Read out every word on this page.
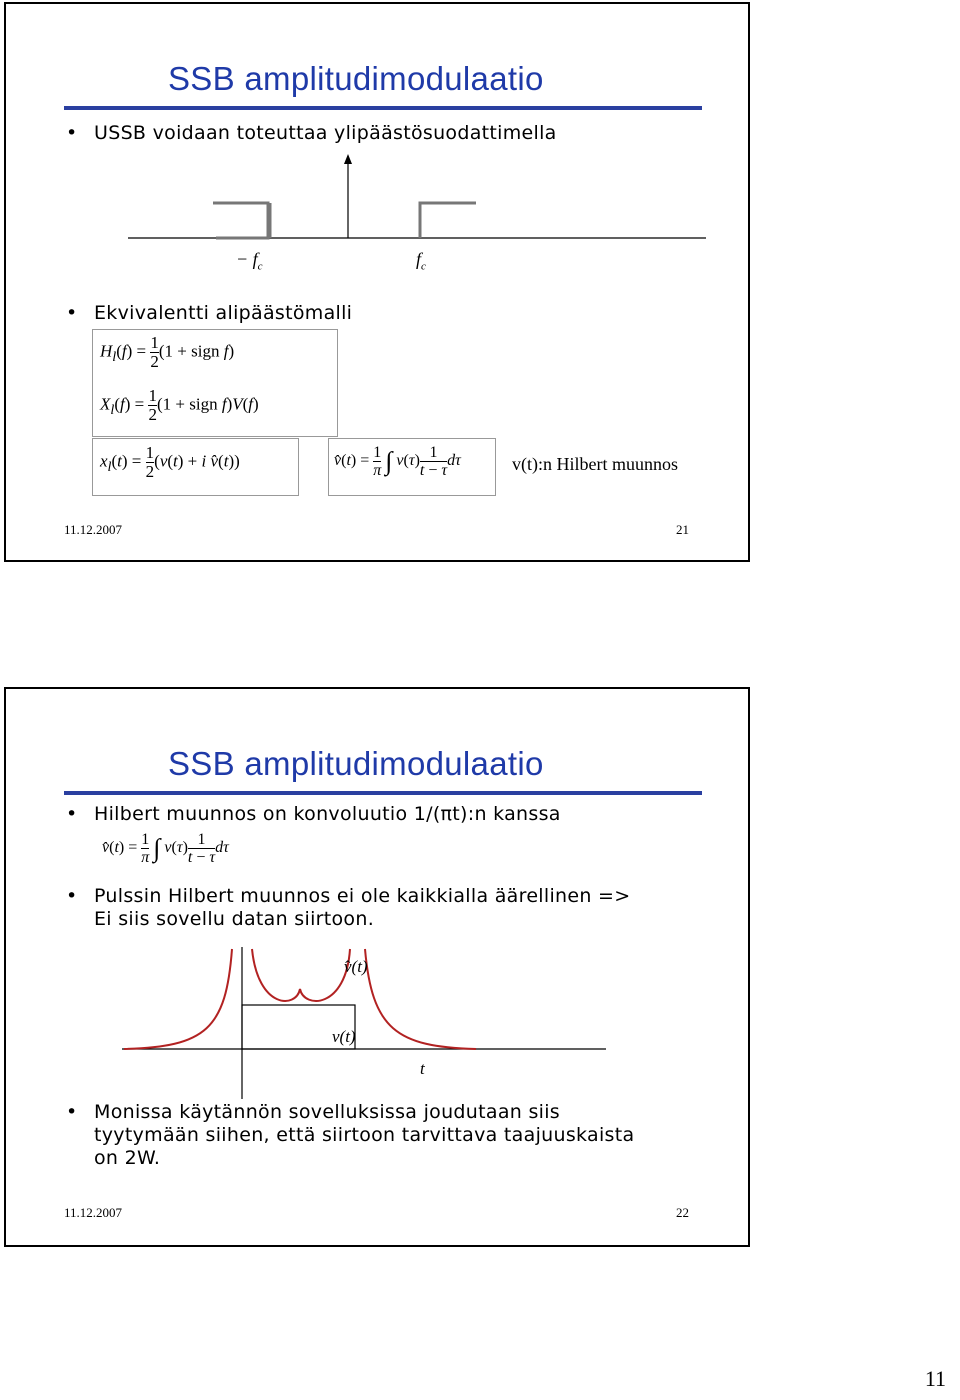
SSB amplitudimodulaatio
• USSB voidaan toteuttaa ylipäästösuodattimella
− $f_c$	$f_c$
• Ekvivalentti alipäästömalli
$H_l(f) = \frac{1}{2} (1$ + sign f)
$X_l(f) = \frac{1}{2} (1$ + sign f)V(f)
$x_l(t) = \frac{1}{2} (v(t) + i$ v̂(t))	v̂(t) = $\frac{1}{\pi}$ ∫ $v(\tau) \frac{1}{t - \tau}$ dτ	v(t):n Hilbert muunnos
11.12.2007	21
SSB amplitudimodulaatio
• Hilbert muunnos on konvoluutio 1/(πt):n kanssa
v̂(t) = $\frac{1}{\pi}$ ∫ $v(\tau) \frac{1}{t - \tau}$ dτ
• Pulssin Hilbert muunnos ei ole kaikkialla äärellinen =>
Ei siis sovellu datan siirtoon.
v̂(t)
v(t)
t
• Monissa käytännön sovelluksissa joudutaan siis
tyytymään siihen, että siirtoon tarvittava taajuuskaista
on 2W.
11.12.2007	22
11
